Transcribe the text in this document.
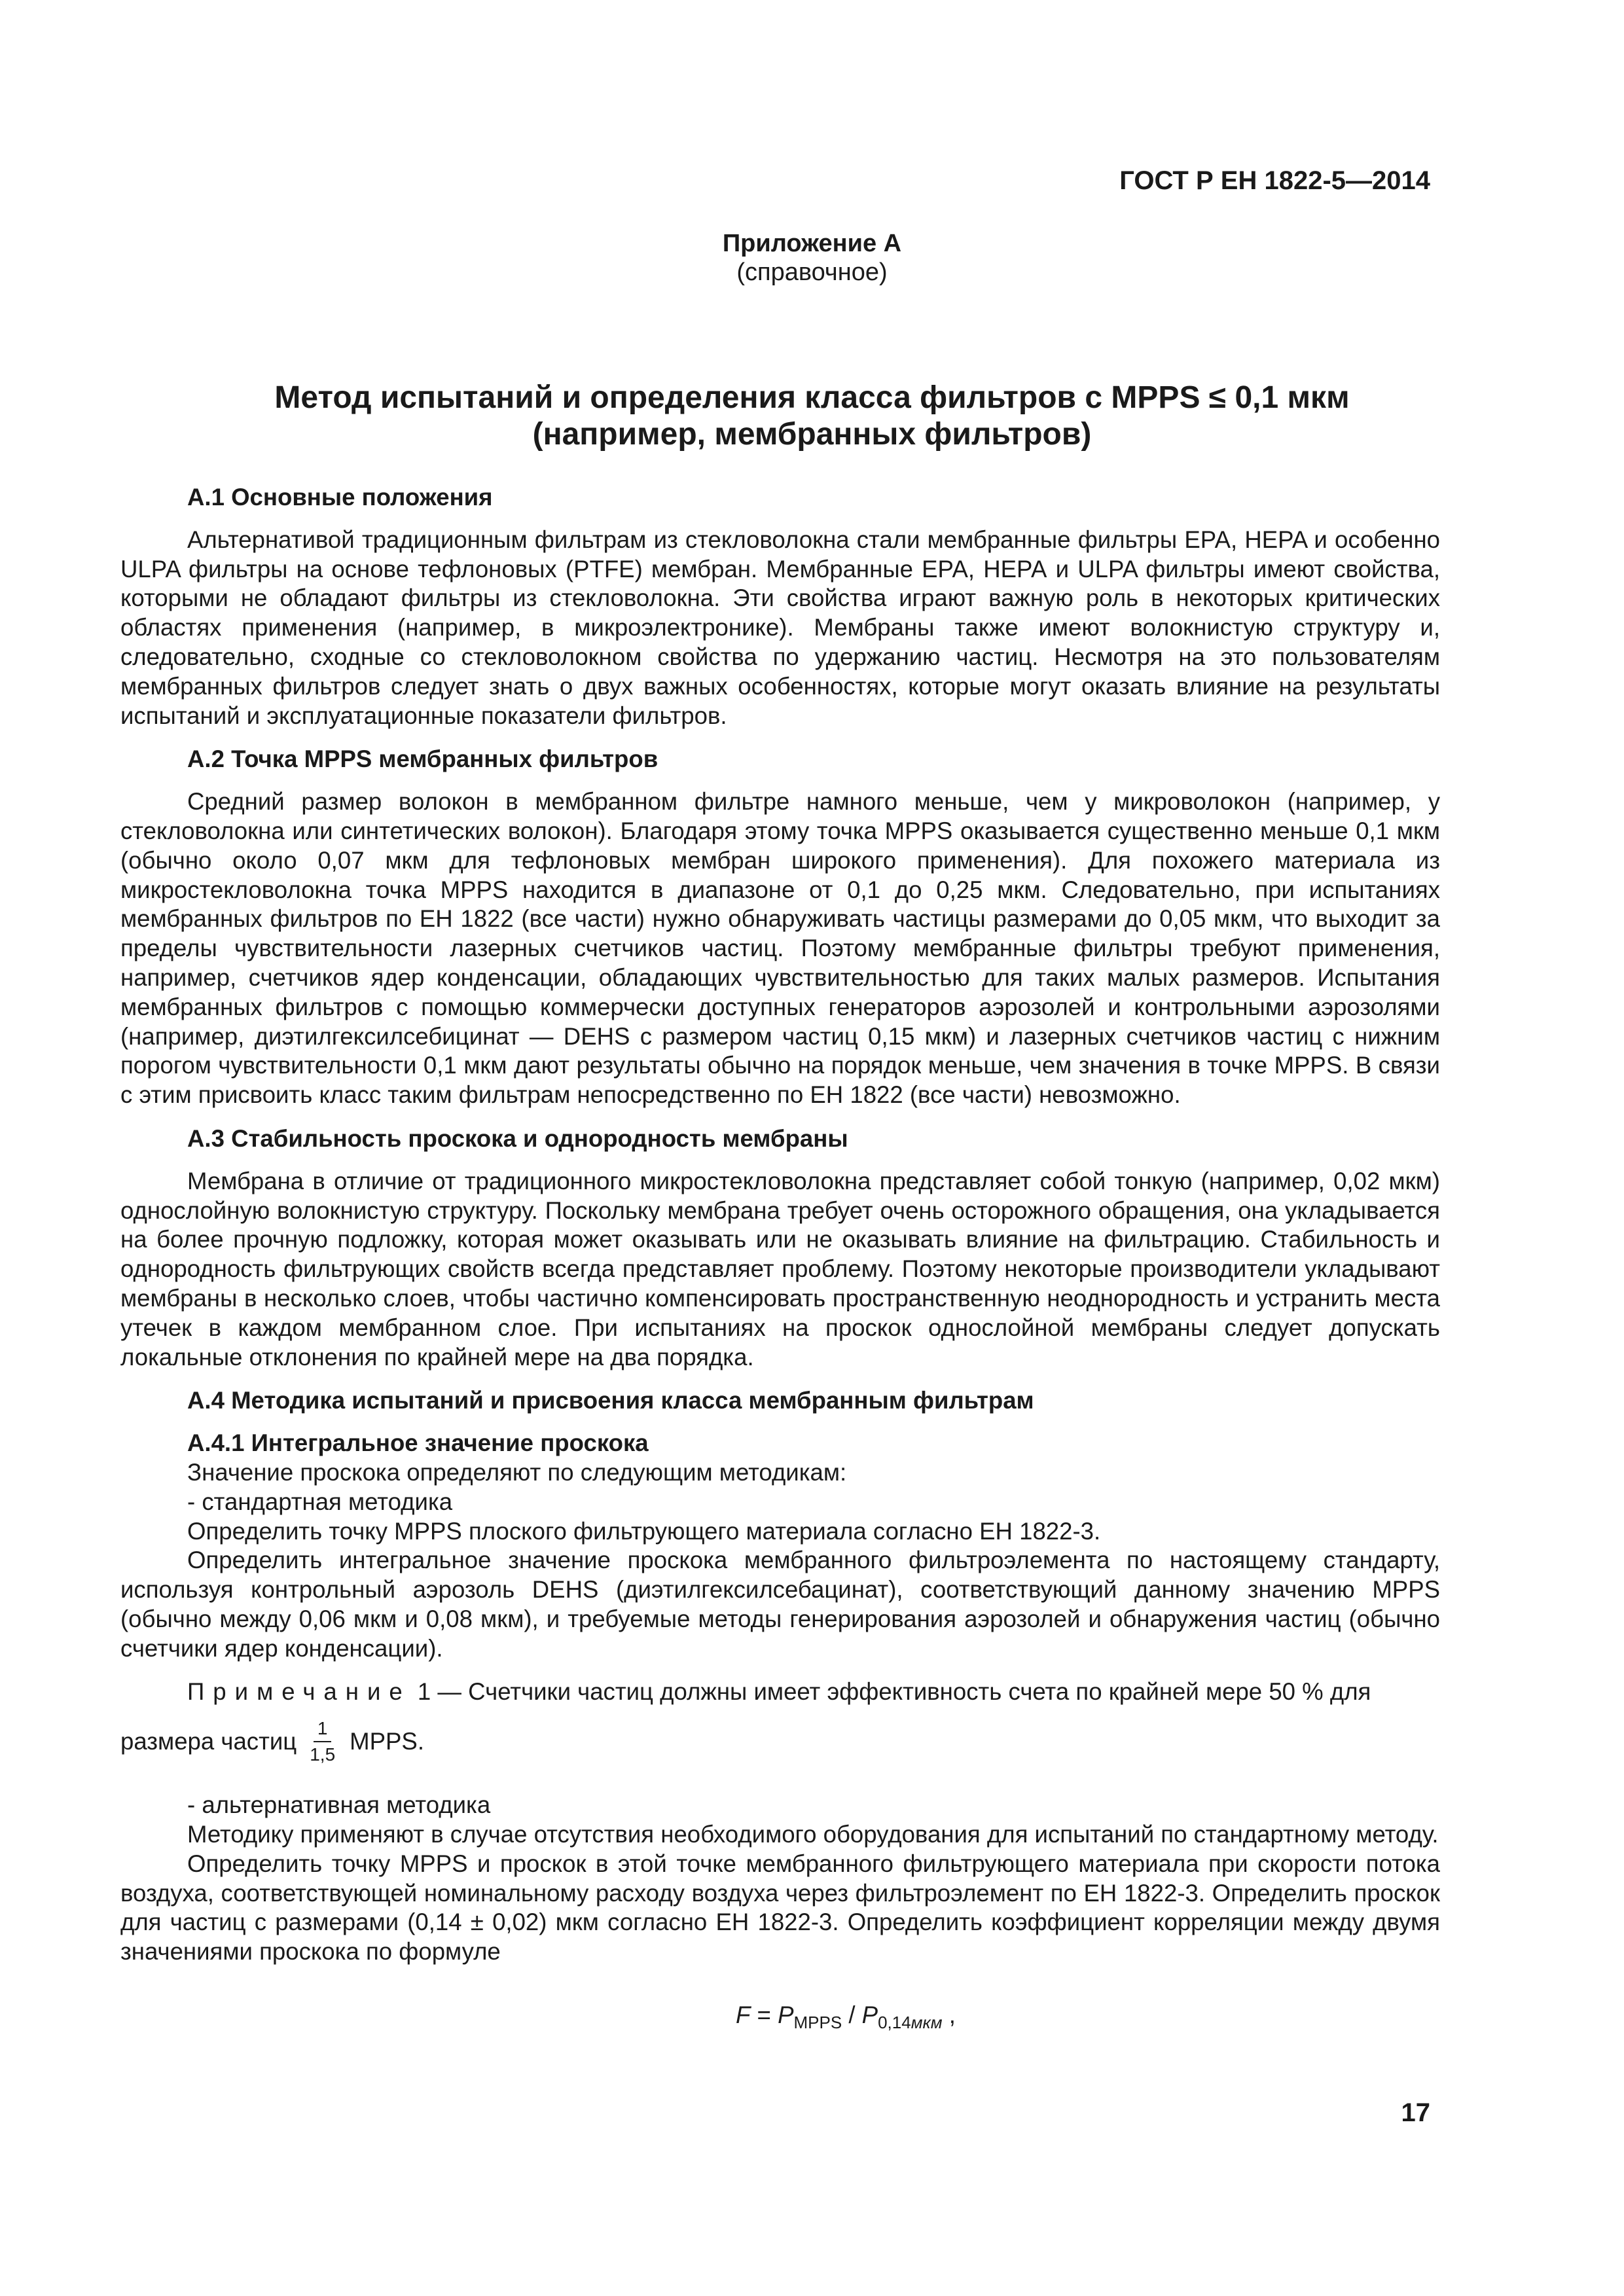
ГОСТ Р ЕН 1822-5—2014
Приложение А
(справочное)
Метод испытаний и определения класса фильтров с MPPS ≤ 0,1 мкм
(например, мембранных фильтров)
А.1 Основные положения
Альтернативой традиционным фильтрам из стекловолокна стали мембранные фильтры ЕРА, HEPA и особенно ULPA фильтры на основе тефлоновых (PTFE) мембран. Мембранные ЕРА, НЕРА и ULPA фильтры имеют свойства, которыми не обладают фильтры из стекловолокна. Эти свойства играют важную роль в некоторых критических областях применения (например, в микроэлектронике). Мембраны также имеют волокнистую структуру и, следовательно, сходные со стекловолокном свойства по удержанию частиц. Несмотря на это пользователям мембранных фильтров следует знать о двух важных особенностях, которые могут оказать влияние на результаты испытаний и эксплуатационные показатели фильтров.
А.2 Точка MPPS мембранных фильтров
Средний размер волокон в мембранном фильтре намного меньше, чем у микроволокон (например, у стекловолокна или синтетических волокон). Благодаря этому точка MPPS оказывается существенно меньше 0,1 мкм (обычно около 0,07 мкм для тефлоновых мембран широкого применения). Для похожего материала из микростекловолокна точка MPPS находится в диапазоне от 0,1 до 0,25 мкм. Следовательно, при испытаниях мембранных фильтров по ЕН 1822 (все части) нужно обнаруживать частицы размерами до 0,05 мкм, что выходит за пределы чувствительности лазерных счетчиков частиц. Поэтому мембранные фильтры требуют применения, например, счетчиков ядер конденсации, обладающих чувствительностью для таких малых размеров. Испытания мембранных фильтров с помощью коммерчески доступных генераторов аэрозолей и контрольными аэрозолями (например, диэтилгексилсебицинат — DEHS с размером частиц 0,15 мкм) и лазерных счетчиков частиц с нижним порогом чувствительности 0,1 мкм дают результаты обычно на порядок меньше, чем значения в точке MPPS. В связи с этим присвоить класс таким фильтрам непосредственно по ЕН 1822 (все части) невозможно.
А.3 Стабильность проскока и однородность мембраны
Мембрана в отличие от традиционного микростекловолокна представляет собой тонкую (например, 0,02 мкм) однослойную волокнистую структуру. Поскольку мембрана требует очень осторожного обращения, она укладывается на более прочную подложку, которая может оказывать или не оказывать влияние на фильтрацию. Стабильность и однородность фильтрующих свойств всегда представляет проблему. Поэтому некоторые производители укладывают мембраны в несколько слоев, чтобы частично компенсировать пространственную неоднородность и устранить места утечек в каждом мембранном слое. При испытаниях на проскок однослойной мембраны следует допускать локальные отклонения по крайней мере на два порядка.
А.4 Методика испытаний и присвоения класса мембранным фильтрам
А.4.1 Интегральное значение проскока
Значение проскока определяют по следующим методикам:
- стандартная методика
Определить точку MPPS плоского фильтрующего материала согласно ЕН 1822-3.
Определить интегральное значение проскока мембранного фильтроэлемента по настоящему стандарту, используя контрольный аэрозоль DEHS (диэтилгексилсебацинат), соответствующий данному значению MPPS (обычно между 0,06 мкм и 0,08 мкм), и требуемые методы генерирования аэрозолей и обнаружения частиц (обычно счетчики ядер конденсации).
Примечание 1 — Счетчики частиц должны имеет эффективность счета по крайней мере 50 % для
размера частиц $\frac{1}{1,5}$ MPPS.
- альтернативная методика
Методику применяют в случае отсутствия необходимого оборудования для испытаний по стандартному методу.
Определить точку MPPS и проскок в этой точке мембранного фильтрующего материала при скорости потока воздуха, соответствующей номинальному расходу воздуха через фильтроэлемент по ЕН 1822-3. Определить проскок для частиц с размерами (0,14 ± 0,02) мкм согласно ЕН 1822-3. Определить коэффициент корреляции между двумя значениями проскока по формуле
$F = P_{MPPS} / P_{0,14мкм}$ ,
17
